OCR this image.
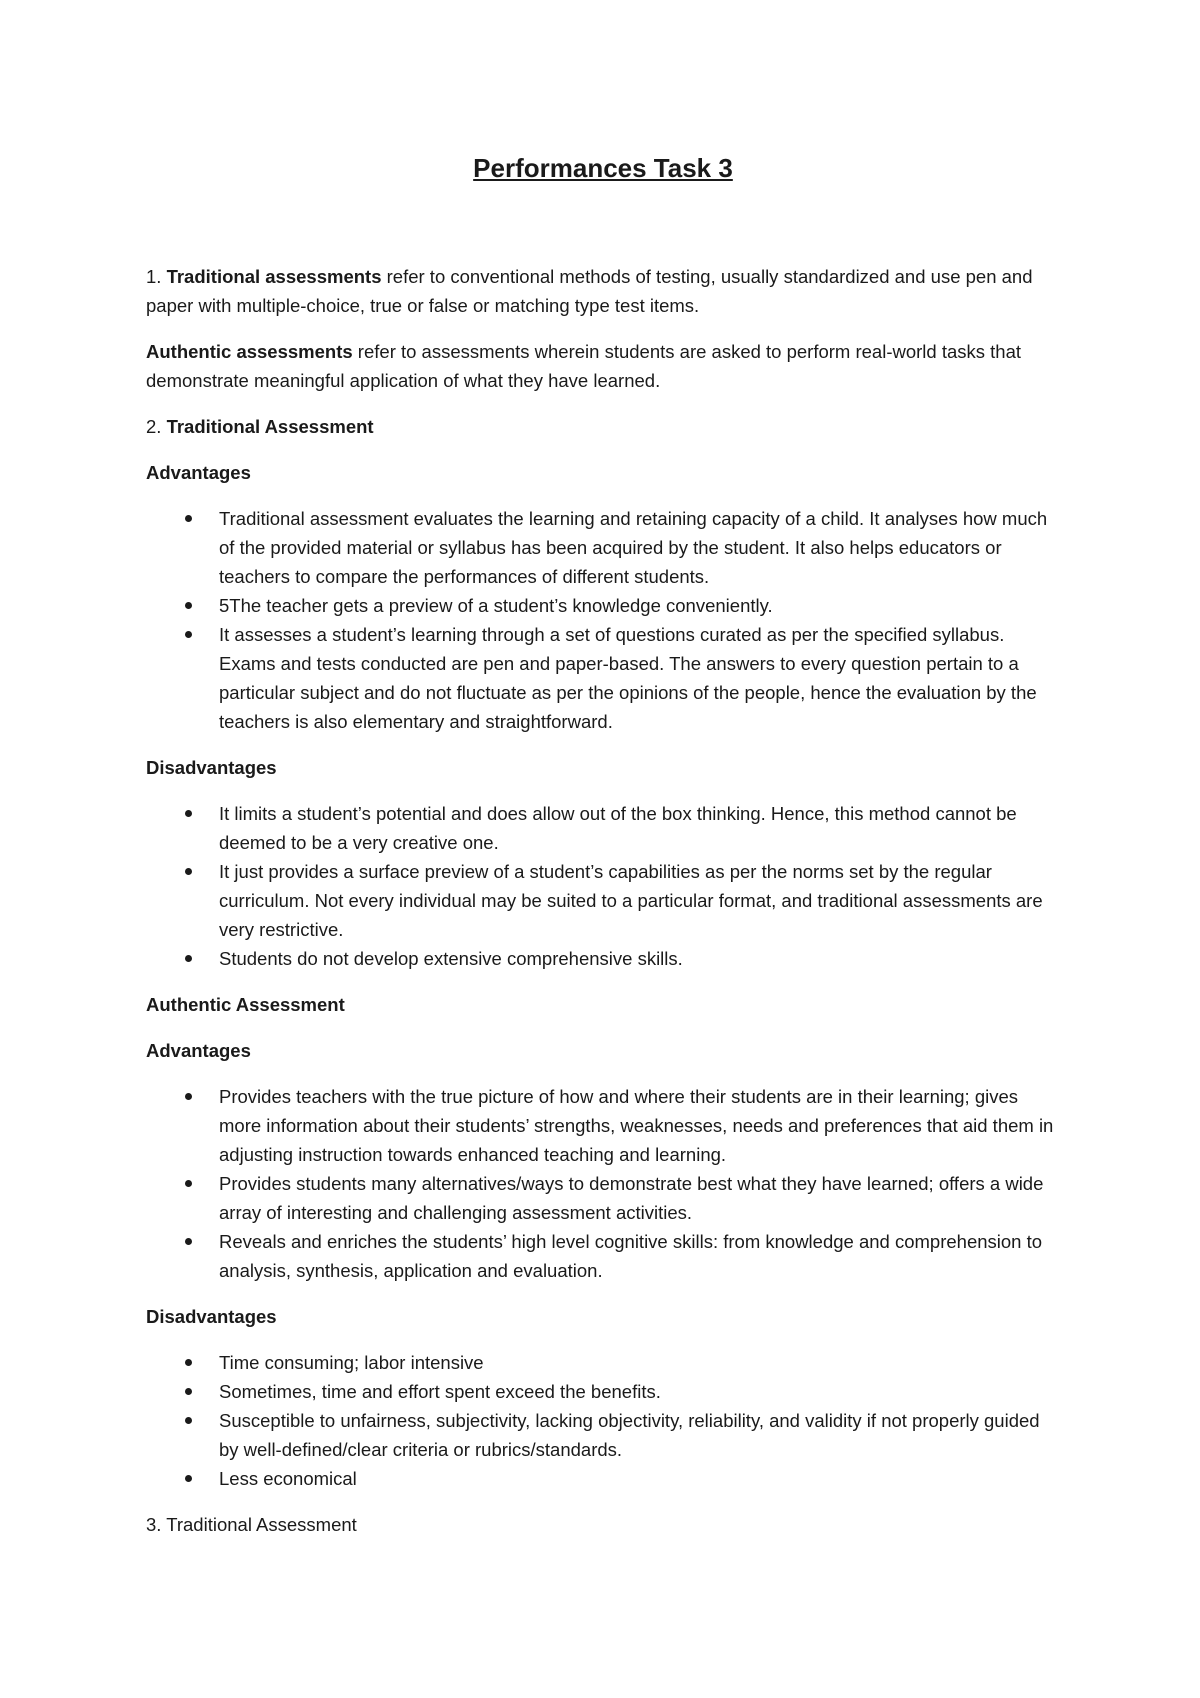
Performances Task 3

1. Traditional assessments refer to conventional methods of testing, usually standardized and use pen and paper with multiple-choice, true or false or matching type test items.

Authentic assessments refer to assessments wherein students are asked to perform real-world tasks that demonstrate meaningful application of what they have learned.

2. Traditional Assessment

Advantages

Traditional assessment evaluates the learning and retaining capacity of a child. It analyses how much of the provided material or syllabus has been acquired by the student. It also helps educators or teachers to compare the performances of different students.
5The teacher gets a preview of a student’s knowledge conveniently.
It assesses a student’s learning through a set of questions curated as per the specified syllabus. Exams and tests conducted are pen and paper-based. The answers to every question pertain to a particular subject and do not fluctuate as per the opinions of the people, hence the evaluation by the teachers is also elementary and straightforward.

Disadvantages

It limits a student’s potential and does allow out of the box thinking. Hence, this method cannot be deemed to be a very creative one.
It just provides a surface preview of a student’s capabilities as per the norms set by the regular curriculum. Not every individual may be suited to a particular format, and traditional assessments are very restrictive.
Students do not develop extensive comprehensive skills.

Authentic Assessment

Advantages

Provides teachers with the true picture of how and where their students are in their learning; gives more information about their students’ strengths, weaknesses, needs and preferences that aid them in adjusting instruction towards enhanced teaching and learning.
Provides students many alternatives/ways to demonstrate best what they have learned; offers a wide array of interesting and challenging assessment activities.
Reveals and enriches the students’ high level cognitive skills: from knowledge and comprehension to analysis, synthesis, application and evaluation.

Disadvantages

Time consuming; labor intensive
Sometimes, time and effort spent exceed the benefits.
Susceptible to unfairness, subjectivity, lacking objectivity, reliability, and validity if not properly guided by well-defined/clear criteria or rubrics/standards.
Less economical

3. Traditional Assessment
